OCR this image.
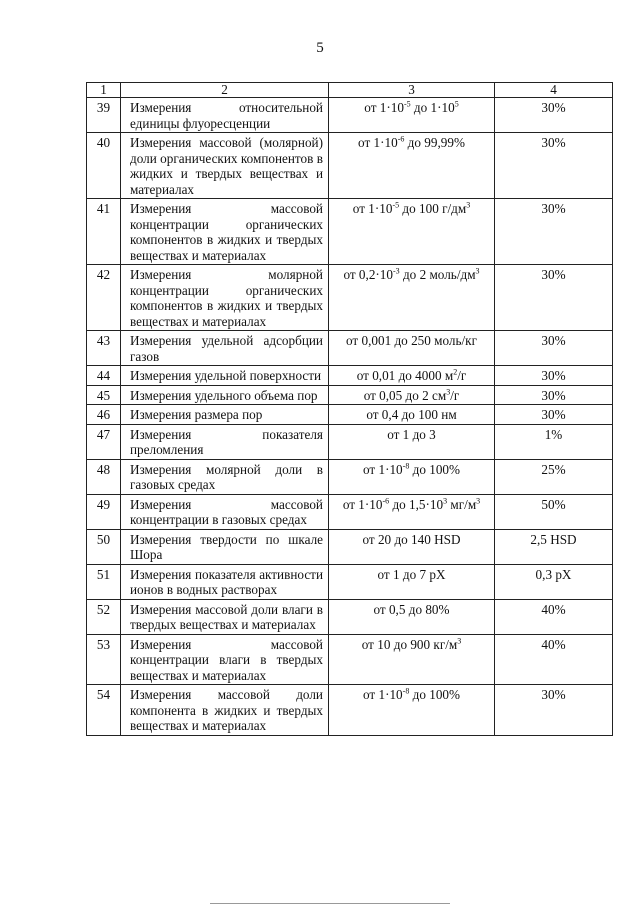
5
1	2	3	4
39	Измерения относительной единицы флуоресценции	от $1\cdot 10^{-5}$ до $1\cdot 10^5$	30%
40	Измерения массовой (молярной) доли органических компонентов в жидких и твердых веществах и материалах	от $1\cdot 10^{-6}$ до 99,99%	30%
41	Измерения массовой концентрации органических компонентов в жидких и твердых веществах и материалах	от $1\cdot 10^{-5}$ до 100 $г/дм^3$	30%
42	Измерения молярной концентрации органических компонентов в жидких и твердых веществах и материалах	от $0,2\cdot 10^{-3}$ до 2 моль/$дм^3$	30%
43	Измерения удельной адсорбции газов	от 0,001 до 250 моль/кг	30%
44	Измерения удельной поверхности	от 0,01 до 4000 $м^2/г$	30%
45	Измерения удельного объема пор	от 0,05 до 2 $см^3/г$	30%
46	Измерения размера пор	от 0,4 до 100 нм	30%
47	Измерения показателя преломления	от 1 до 3	1%
48	Измерения молярной доли в газовых средах	от $1\cdot 10^{-8}$ до 100%	25%
49	Измерения массовой концентрации в газовых средах	от $1\cdot 10^{-6}$ до $1,5\cdot 10^3$ $мг/м^3$	50%
50	Измерения твердости по шкале Шора	от 20 до 140 HSD	2,5 HSD
51	Измерения показателя активности ионов в водных растворах	от 1 до 7 pX	0,3 pX
52	Измерения массовой доли влаги в твердых веществах и материалах	от 0,5 до 80%	40%
53	Измерения массовой концентрации влаги в твердых веществах и материалах	от 10 до 900 $кг/м^3$	40%
54	Измерения массовой доли компонента в жидких и твердых веществах и материалах	от $1\cdot 10^{-8}$ до 100%	30%
